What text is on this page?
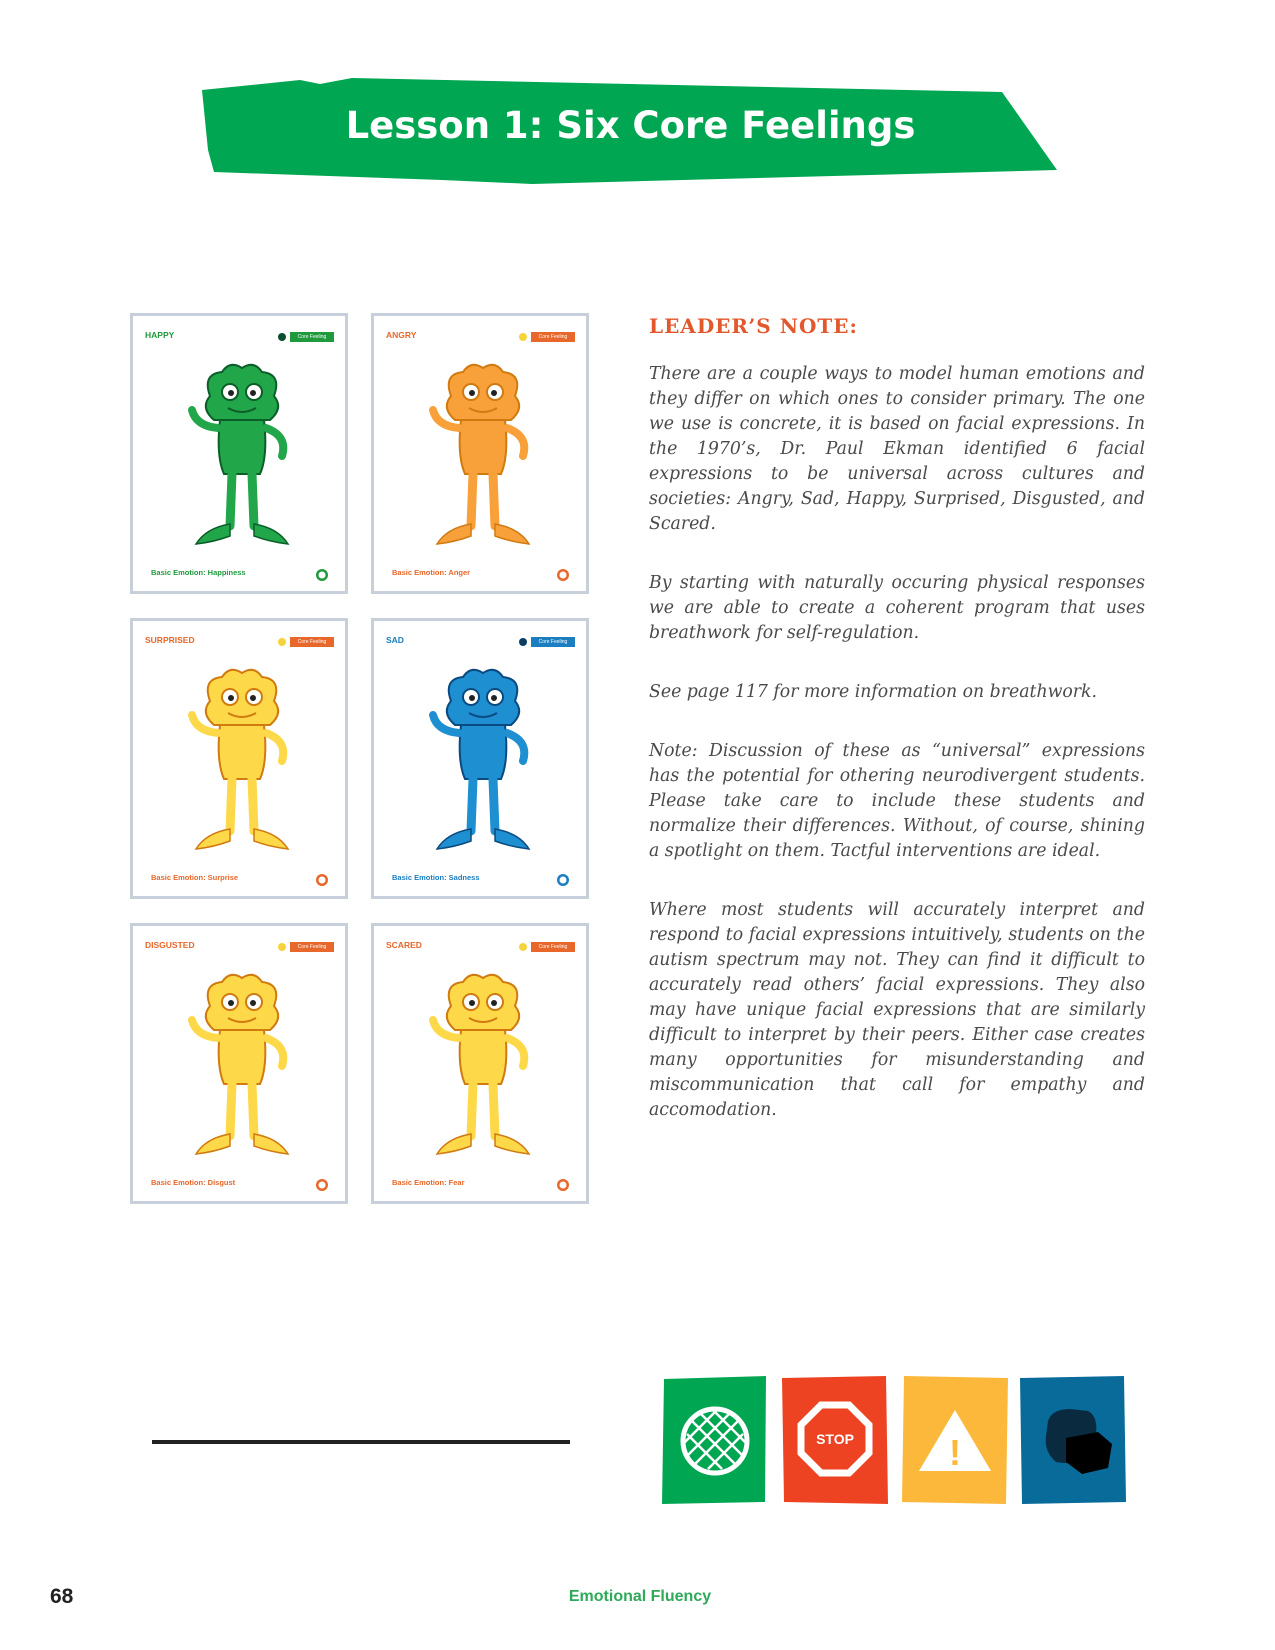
Lesson 1: Six Core Feelings
HAPPY	Core Feeling
Basic Emotion: Happiness
ANGRY	Core Feeling
Basic Emotion: Anger
SURPRISED	Core Feeling
Basic Emotion: Surprise
SAD	Core Feeling
Basic Emotion: Sadness
DISGUSTED	Core Feeling
Basic Emotion: Disgust
SCARED	Core Feeling
Basic Emotion: Fear
LEADER’S NOTE:

There are a couple ways to model human emotions and they differ on which ones to consider primary. The one we use is concrete, it is based on facial expressions. In the 1970’s, Dr. Paul Ekman identified 6 facial expressions to be universal across cultures and societies: Angry, Sad, Happy, Surprised, Disgusted, and Scared.

By starting with naturally occuring physical responses we are able to create a coherent program that uses breathwork for self-regulation.

See page 117 for more information on breathwork.

Note: Discussion of these as “universal” expressions has the potential for othering neurodivergent students. Please take care to include these students and normalize their differences. Without, of course, shining a spotlight on them. Tactful interventions are ideal.

Where most students will accurately interpret and respond to facial expressions intuitively, students on the autism spectrum may not. They can find it difficult to accurately read others’ facial expressions. They also may have unique facial expressions that are similarly difficult to interpret by their peers. Either case creates many opportunities for misunderstanding and miscommunication that call for empathy and accomodation.

STOP	!
68	Emotional Fluency
